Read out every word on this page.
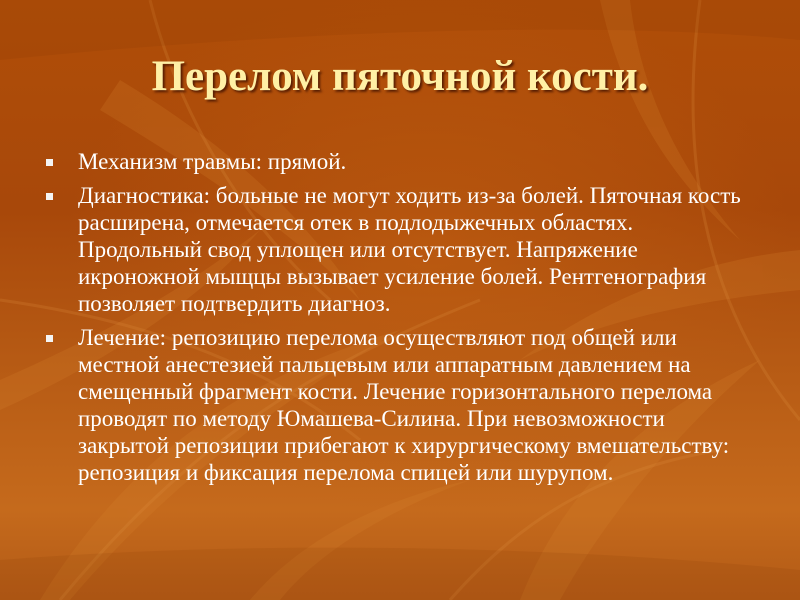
Перелом пяточной кости.
Механизм травмы: прямой.
Диагностика: больные не могут ходить из-за болей. Пяточная кость расширена, отмечается отек в подлодыжечных областях. Продольный свод уплощен или отсутствует. Напряжение икроножной мыщцы вызывает усиление болей. Рентгенография позволяет подтвердить диагноз.
Лечение: репозицию перелома осуществляют под общей или местной анестезией пальцевым или аппаратным давлением на смещенный фрагмент кости. Лечение горизонтального перелома проводят по методу Юмашева-Силина. При невозможности закрытой репозиции прибегают к хирургическому вмешательству: репозиция и фиксация перелома спицей или шурупом.
